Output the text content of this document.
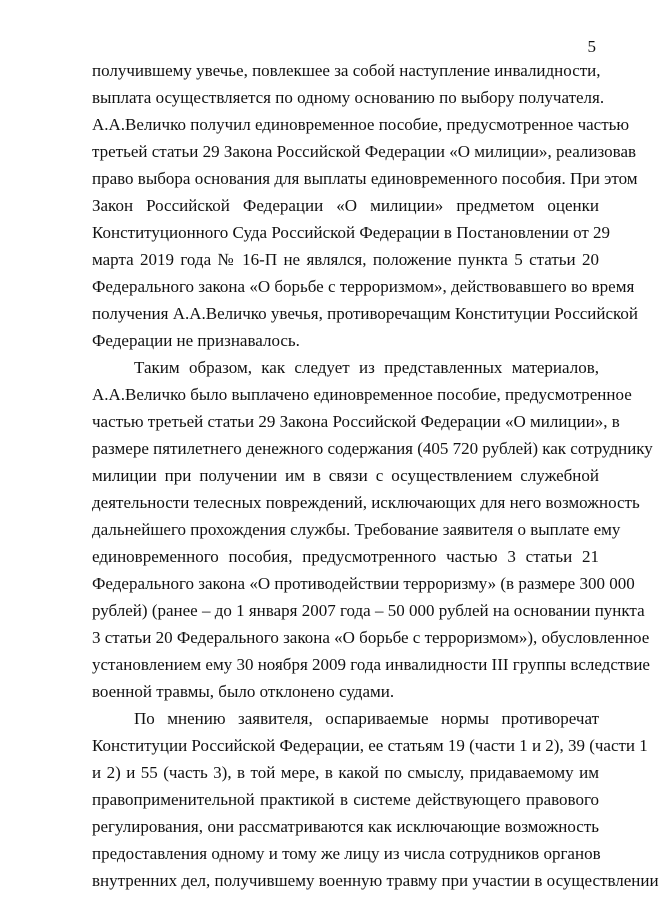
5
получившему увечье, повлекшее за собой наступление инвалидности,
выплата осуществляется по одному основанию по выбору получателя.
А.А.Величко получил единовременное пособие, предусмотренное частью
третьей статьи 29 Закона Российской Федерации «О милиции», реализовав
право выбора основания для выплаты единовременного пособия. При этом
Закон Российской Федерации «О милиции» предметом оценки
Конституционного Суда Российской Федерации в Постановлении от 29
марта 2019 года № 16-П не являлся, положение пункта 5 статьи 20
Федерального закона «О борьбе с терроризмом», действовавшего во время
получения А.А.Величко увечья, противоречащим Конституции Российской
Федерации не признавалось.
Таким образом, как следует из представленных материалов,
А.А.Величко было выплачено единовременное пособие, предусмотренное
частью третьей статьи 29 Закона Российской Федерации «О милиции», в
размере пятилетнего денежного содержания (405 720 рублей) как сотруднику
милиции при получении им в связи с осуществлением служебной
деятельности телесных повреждений, исключающих для него возможность
дальнейшего прохождения службы. Требование заявителя о выплате ему
единовременного пособия, предусмотренного частью 3 статьи 21
Федерального закона «О противодействии терроризму» (в размере 300 000
рублей) (ранее – до 1 января 2007 года – 50 000 рублей на основании пункта
3 статьи 20 Федерального закона «О борьбе с терроризмом»), обусловленное
установлением ему 30 ноября 2009 года инвалидности III группы вследствие
военной травмы, было отклонено судами.
По мнению заявителя, оспариваемые нормы противоречат
Конституции Российской Федерации, ее статьям 19 (части 1 и 2), 39 (части 1
и 2) и 55 (часть 3), в той мере, в какой по смыслу, придаваемому им
правоприменительной практикой в системе действующего правового
регулирования, они рассматриваются как исключающие возможность
предоставления одному и тому же лицу из числа сотрудников органов
внутренних дел, получившему военную травму при участии в осуществлении
